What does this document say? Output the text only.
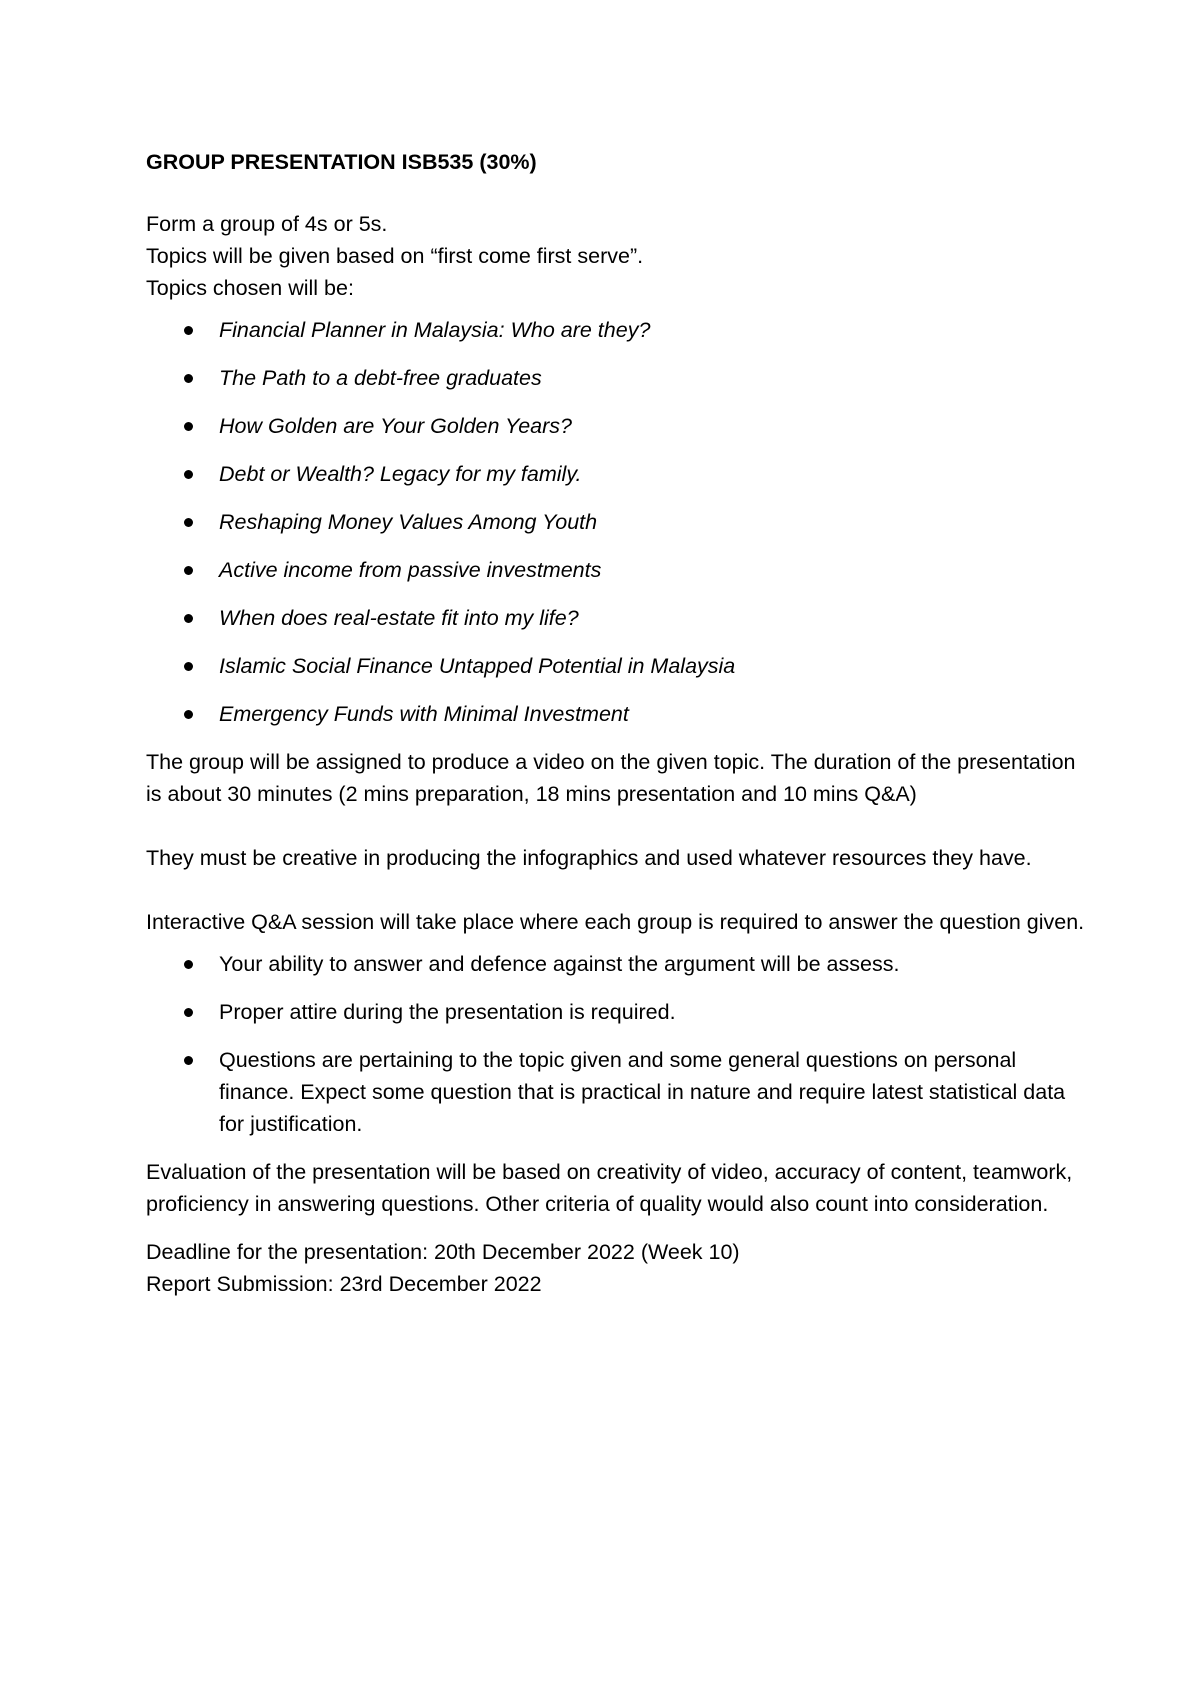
GROUP PRESENTATION ISB535 (30%)

Form a group of 4s or 5s.

Topics will be given based on “first come first serve”.

Topics chosen will be:

Financial Planner in Malaysia: Who are they?
The Path to a debt-free graduates
How Golden are Your Golden Years?
Debt or Wealth? Legacy for my family.
Reshaping Money Values Among Youth
Active income from passive investments
When does real-estate fit into my life?
Islamic Social Finance Untapped Potential in Malaysia
Emergency Funds with Minimal Investment

The group will be assigned to produce a video on the given topic. The duration of the presentation is about 30 minutes (2 mins preparation, 18 mins presentation and 10 mins Q&A)

They must be creative in producing the infographics and used whatever resources they have.

Interactive Q&A session will take place where each group is required to answer the question given.

Your ability to answer and defence against the argument will be assess.
Proper attire during the presentation is required.
Questions are pertaining to the topic given and some general questions on personal finance. Expect some question that is practical in nature and require latest statistical data for justification.

Evaluation of the presentation will be based on creativity of video, accuracy of content, teamwork, proficiency in answering questions. Other criteria of quality would also count into consideration.

Deadline for the presentation: 20th December 2022 (Week 10)

Report Submission: 23rd December 2022
